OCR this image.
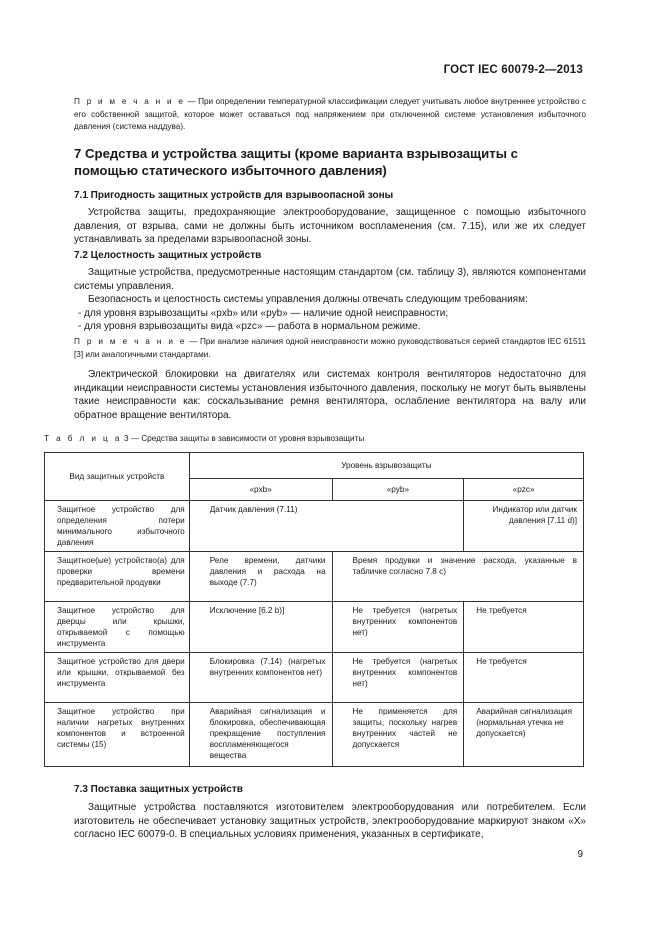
ГОСТ IEC 60079-2—2013

П р и м е ч а н и е — При определении температурной классификации следует учитывать любое внутреннее устройство с его собственной защитой, которое может оставаться под напряжением при отключенной системе установления избыточного давления (система наддува).

7 Средства и устройства защиты (кроме варианта взрывозащиты с помощью статического избыточного давления)
7.1 Пригодность защитных устройств для взрывоопасной зоны

Устройства защиты, предохраняющие электрооборудование, защищенное с помощью избыточного давления, от взрыва, сами не должны быть источником воспламенения (см. 7.15), или же их следует устанавливать за пределами взрывоопасной зоны.

7.2 Целостность защитных устройств

Защитные устройства, предусмотренные настоящим стандартом (см. таблицу 3), являются компонентами системы управления.

Безопасность и целостность системы управления должны отвечать следующим требованиям:

- для уровня взрывозащиты «pxb» или «pyb» — наличие одной неисправности;

- для уровня взрывозащиты вида «pzc» — работа в нормальном режиме.

П р и м е ч а н и е — При анализе наличия одной неисправности можно руководствоваться серией стандартов IEC 61511 [3] или аналогичными стандартами.

Электрической блокировки на двигателях или системах контроля вентиляторов недостаточно для индикации неисправности системы установления избыточного давления, поскольку не могут быть выявлены такие неисправности как: соскальзывание ремня вентилятора, ослабление вентилятора на валу или обратное вращение вентилятора.

Т а б л и ц а 3 — Средства защиты в зависимости от уровня взрывозащиты
Вид защитных устройств	Уровень взрывозащиты		
	«pxb»	«pyb»	«pzc»
Защитное устройство для определения потери минимального избыточного давления	Датчик давления (7.11)		Индикатор или датчик давления [7.11 d)]
Защитное(ые) устройство(а) для проверки времени предварительной продувки	Реле времени, датчики давления и расхода на выходе (7.7)	Время продувки и значение расхода, указанные в табличке согласно 7.8 с)	
Защитное устройство для дверцы или крышки, открываемой с помощью инструмента	Исключение [6.2 b)]	Не требуется (нагретых внутренних компонентов нет)	Не требуется
Защитное устройство для двери или крышки, открываемой без инструмента	Блокировка (7.14) (нагретых внутренних компонентов нет)	Не требуется (нагретых внутренних компонентов нет)	Не требуется
Защитное устройство при наличии нагретых внутренних компонентов и встроенной системы (15)	Аварийная сигнализация и блокировка, обеспечивающая прекращение поступления воспламеняющегося вещества	Не применяется для защиты, поскольку нагрев внутренних частей не допускается	Аварийная сигнализация (нормальная утечка не допускается)
7.3 Поставка защитных устройств

Защитные устройства поставляются изготовителем электрооборудования или потребителем. Если изготовитель не обеспечивает установку защитных устройств, электрооборудование маркируют знаком «X» согласно IEC 60079-0. В специальных условиях применения, указанных в сертификате,

9
